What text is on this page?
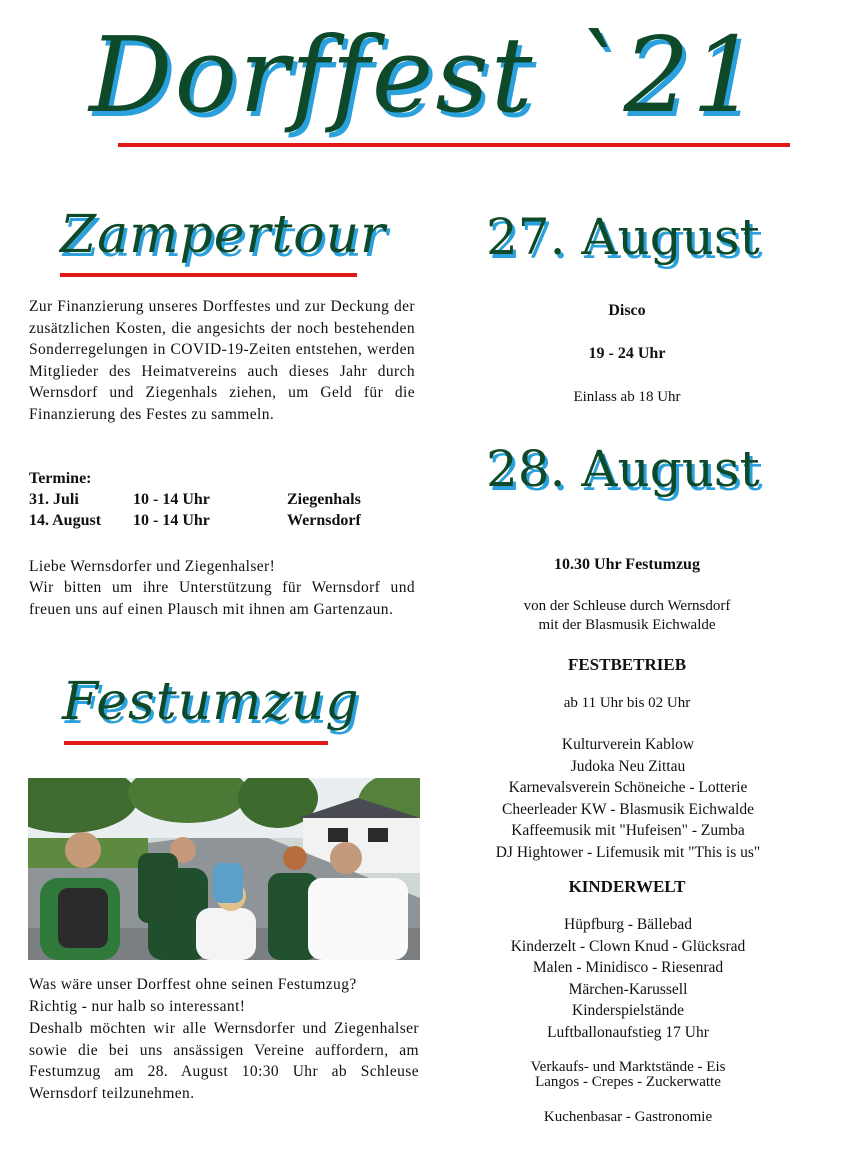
Dorffest `21
Zampertour
Zur Finanzierung unseres Dorffestes und zur Deckung der zusätzlichen Kosten, die angesichts der noch bestehenden Sonderregelungen in COVID-19-Zeiten entstehen, werden Mitglieder des Heimatvereins auch dieses Jahr durch Wernsdorf und Ziegenhals ziehen, um Geld für die Finanzierung des Festes zu sammeln.
Termine:
31. Juli	10 - 14 Uhr	Ziegenhals
14. August	10 - 14 Uhr	Wernsdorf
Liebe Wernsdorfer und Ziegenhalser!
Wir bitten um ihre Unterstützung für Wernsdorf und freuen uns auf einen Plausch mit ihnen am Gartenzaun.
Festumzug
Was wäre unser Dorffest ohne seinen Festumzug?
Richtig - nur halb so interessant!
Deshalb möchten wir alle Wernsdorfer und Ziegenhalser sowie die bei uns ansässigen Vereine auffordern, am Festumzug am 28. August 10:30 Uhr ab Schleuse Wernsdorf teilzunehmen.
27. August
Disco
19 - 24 Uhr
Einlass ab 18 Uhr
28. August
10.30 Uhr Festumzug
von der Schleuse durch Wernsdorf
mit der Blasmusik Eichwalde
FESTBETRIEB
ab 11 Uhr bis 02 Uhr
Kulturverein Kablow
Judoka Neu Zittau
Karnevalsverein Schöneiche - Lotterie
Cheerleader KW - Blasmusik Eichwalde
Kaffeemusik mit "Hufeisen" - Zumba
DJ Hightower - Lifemusik mit "This is us"
KINDERWELT
Hüpfburg - Bällebad
Kinderzelt - Clown Knud - Glücksrad
Malen - Minidisco - Riesenrad
Märchen-Karussell
Kinderspielstände
Luftballonaufstieg 17 Uhr
Verkaufs- und Marktstände - Eis
Langos - Crepes - Zuckerwatte
Kuchenbasar - Gastronomie
